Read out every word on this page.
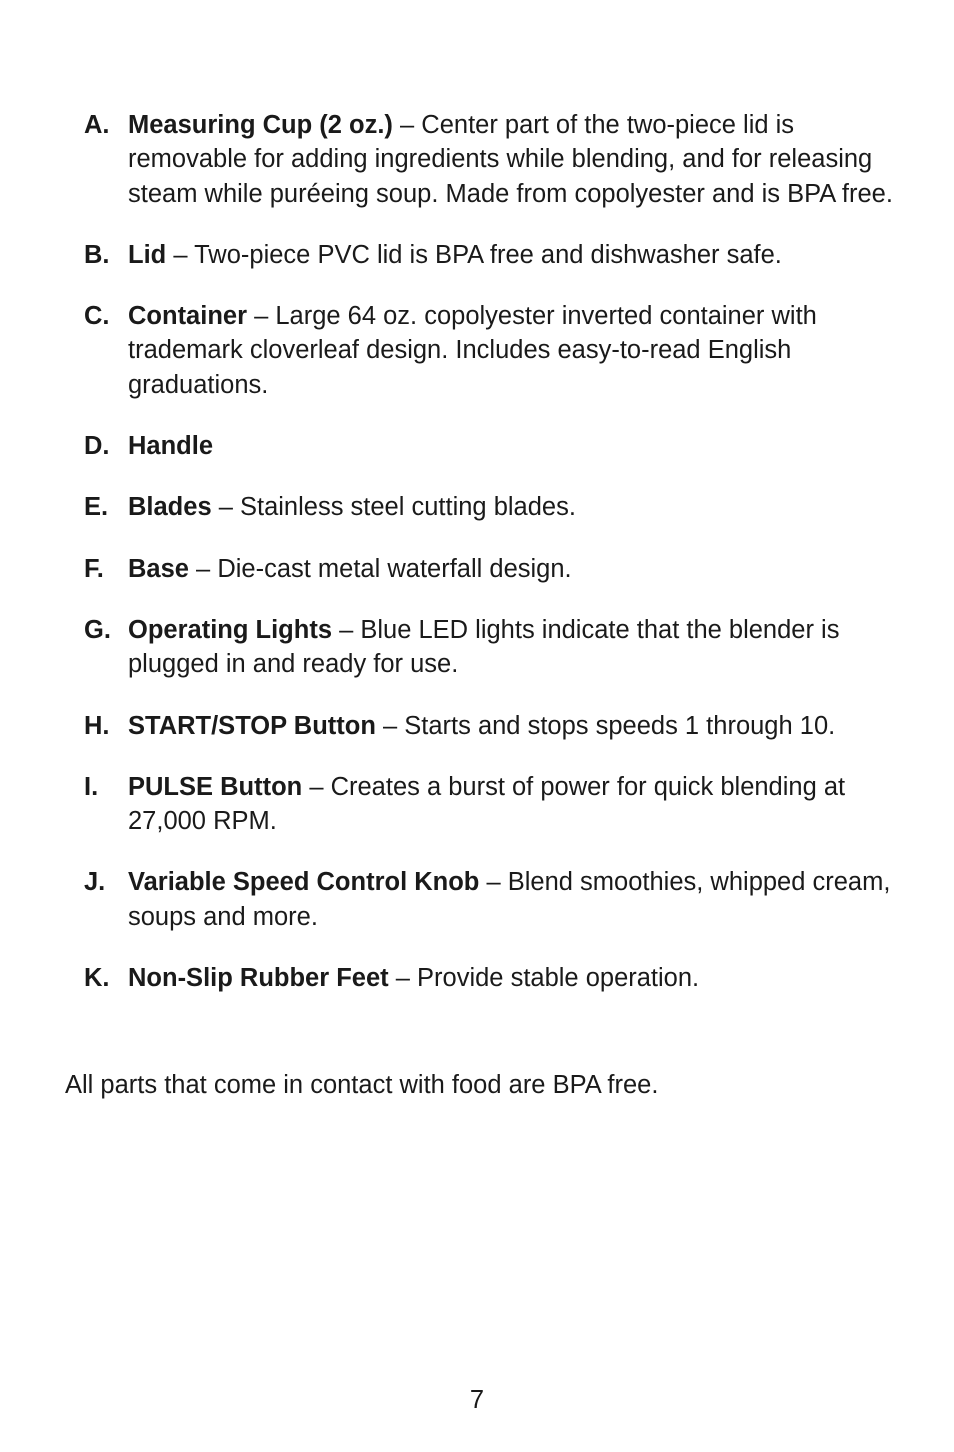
A. Measuring Cup (2 oz.) – Center part of the two-piece lid is removable for adding ingredients while blending, and for releasing steam while puréeing soup. Made from copolyester and is BPA free.
B. Lid – Two-piece PVC lid is BPA free and dishwasher safe.
C. Container – Large 64 oz. copolyester inverted container with trademark cloverleaf design. Includes easy-to-read English graduations.
D. Handle
E. Blades – Stainless steel cutting blades.
F. Base – Die-cast metal waterfall design.
G. Operating Lights – Blue LED lights indicate that the blender is plugged in and ready for use.
H. START/STOP Button – Starts and stops speeds 1 through 10.
I.	PULSE Button – Creates a burst of power for quick blending at 27,000 RPM.
J. Variable Speed Control Knob – Blend smoothies, whipped cream, soups and more.
K. Non-Slip Rubber Feet – Provide stable operation.

All parts that come in contact with food are BPA free.

7
